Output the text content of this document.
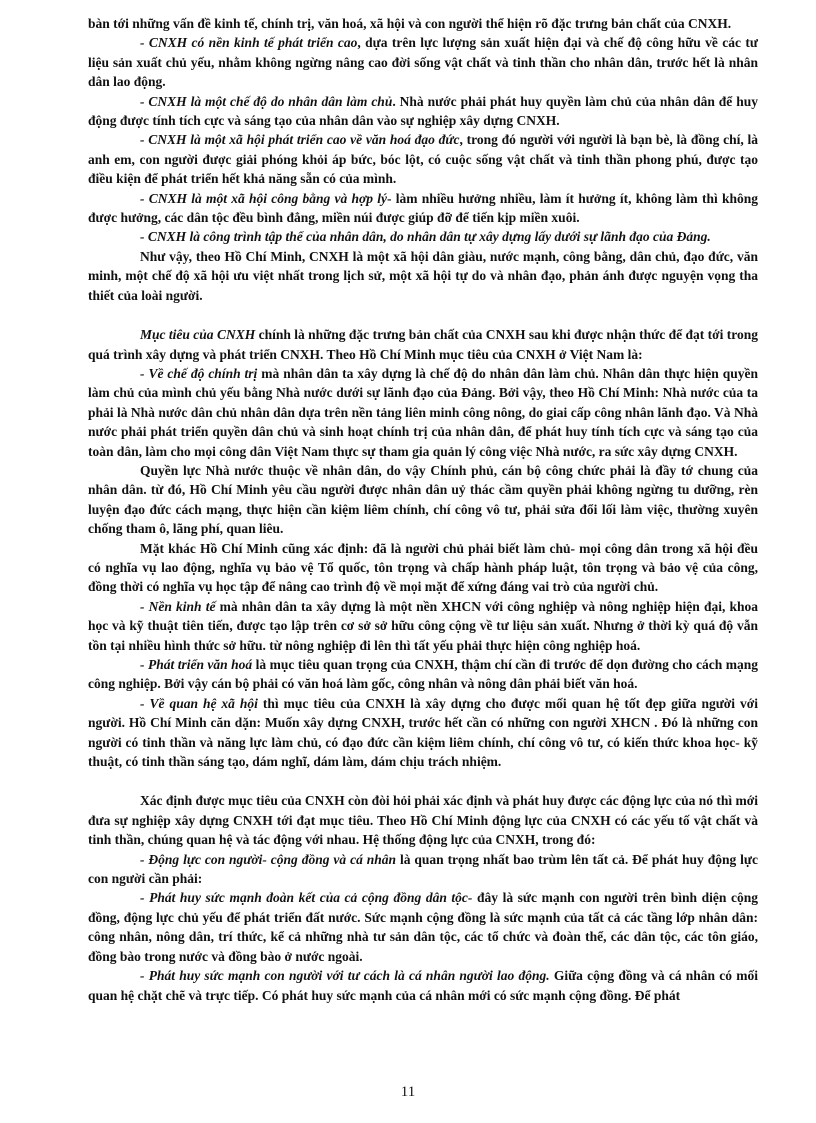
bàn tới những vấn đề kinh tế, chính trị, văn hoá, xã hội và con người thể hiện rõ đặc trưng bản chất của CNXH.

- CNXH có nền kinh tế phát triển cao, dựa trên lực lượng sản xuất hiện đại và chế độ công hữu về các tư liệu sản xuất chủ yếu, nhằm không ngừng nâng cao đời sống vật chất và tinh thần cho nhân dân, trước hết là nhân dân lao động.

- CNXH là một chế độ do nhân dân làm chủ. Nhà nước phải phát huy quyền làm chủ của nhân dân để huy động được tính tích cực và sáng tạo của nhân dân vào sự nghiệp xây dựng CNXH.

- CNXH là một xã hội phát triển cao về văn hoá đạo đức, trong đó người với người là bạn bè, là đồng chí, là anh em, con người được giải phóng khỏi áp bức, bóc lột, có cuộc sống vật chất và tinh thần phong phú, được tạo điều kiện để phát triển hết khả năng sẵn có của mình.

- CNXH là một xã hội công bằng và hợp lý- làm nhiều hưởng nhiều, làm ít hưởng ít, không làm thì không được hưởng, các dân tộc đều bình đẳng, miền núi được giúp đỡ để tiến kịp miền xuôi.

- CNXH là công trình tập thể của nhân dân, do nhân dân tự xây dựng lấy dưới sự lãnh đạo của Đảng.

Như vậy, theo Hồ Chí Minh, CNXH là một xã hội dân giàu, nước mạnh, công bằng, dân chủ, đạo đức, văn minh, một chế độ xã hội ưu việt nhất trong lịch sử, một xã hội tự do và nhân đạo, phản ánh được nguyện vọng tha thiết của loài người.

Mục tiêu của CNXH chính là những đặc trưng bản chất của CNXH sau khi được nhận thức để đạt tới trong quá trình xây dựng và phát triển CNXH. Theo Hồ Chí Minh mục tiêu của CNXH ở Việt Nam là:

- Về chế độ chính trị mà nhân dân ta xây dựng là chế độ do nhân dân làm chủ. Nhân dân thực hiện quyền làm chủ của mình chủ yếu bằng Nhà nước dưới sự lãnh đạo của Đảng. Bởi vậy, theo Hồ Chí Minh: Nhà nước của ta phải là Nhà nước dân chủ nhân dân dựa trên nền tảng liên minh công nông, do giai cấp công nhân lãnh đạo. Và Nhà nước phải phát triển quyền dân chủ và sinh hoạt chính trị của nhân dân, để phát huy tính tích cực và sáng tạo của toàn dân, làm cho mọi công dân Việt Nam thực sự tham gia quản lý công việc Nhà nước, ra sức xây dựng CNXH.

Quyền lực Nhà nước thuộc về nhân dân, do vậy Chính phủ, cán bộ công chức phải là đầy tớ chung của nhân dân. từ đó, Hồ Chí Minh yêu cầu người được nhân dân uỷ thác cầm quyền phải không ngừng tu dưỡng, rèn luyện đạo đức cách mạng, thực hiện cần kiệm liêm chính, chí công vô tư, phải sửa đổi lối làm việc, thường xuyên chống tham ô, lãng phí, quan liêu.

Mặt khác Hồ Chí Minh cũng xác định: đã là người chủ phải biết làm chủ- mọi công dân trong xã hội đều có nghĩa vụ lao động, nghĩa vụ bảo vệ Tổ quốc, tôn trọng và chấp hành pháp luật, tôn trọng và bảo vệ của công, đồng thời có nghĩa vụ học tập để nâng cao trình độ về mọi mặt để xứng đáng vai trò của người chủ.

- Nền kinh tế mà nhân dân ta xây dựng là một nền XHCN với công nghiệp và nông nghiệp hiện đại, khoa học và kỹ thuật tiên tiến, được tạo lập trên cơ sở sở hữu công cộng về tư liệu sản xuất. Nhưng ở thời kỳ quá độ vẫn tồn tại nhiều hình thức sở hữu. từ nông nghiệp đi lên thì tất yếu phải thực hiện công nghiệp hoá.

- Phát triển văn hoá là mục tiêu quan trọng của CNXH, thậm chí cần đi trước để dọn đường cho cách mạng công nghiệp. Bởi vậy cán bộ phải có văn hoá làm gốc, công nhân và nông dân phải biết văn hoá.

- Về quan hệ xã hội thì mục tiêu của CNXH là xây dựng cho được mối quan hệ tốt đẹp giữa người với người. Hồ Chí Minh căn dặn: Muốn xây dựng CNXH, trước hết cần có những con người XHCN . Đó là những con người có tinh thần và năng lực làm chủ, có đạo đức cần kiệm liêm chính, chí công vô tư, có kiến thức khoa học- kỹ thuật, có tinh thần sáng tạo, dám nghĩ, dám làm, dám chịu trách nhiệm.

Xác định được mục tiêu của CNXH còn đòi hỏi phải xác định và phát huy được các động lực của nó thì mới đưa sự nghiệp xây dựng CNXH tới đạt mục tiêu. Theo Hồ Chí Minh động lực của CNXH có các yếu tố vật chất và tinh thần, chúng quan hệ và tác động với nhau. Hệ thống động lực của CNXH, trong đó:

- Động lực con người- cộng đồng và cá nhân là quan trọng nhất bao trùm lên tất cả. Để phát huy động lực con người cần phải:

- Phát huy sức mạnh đoàn kết của cả cộng đồng dân tộc- đây là sức mạnh con người trên bình diện cộng đồng, động lực chủ yếu để phát triển đất nước. Sức mạnh cộng đồng là sức mạnh của tất cả các tầng lớp nhân dân: công nhân, nông dân, trí thức, kể cả những nhà tư sản dân tộc, các tổ chức và đoàn thể, các dân tộc, các tôn giáo, đồng bào trong nước và đồng bào ở nước ngoài.

- Phát huy sức mạnh con người với tư cách là cá nhân người lao động. Giữa cộng đồng và cá nhân có mối quan hệ chặt chẽ và trực tiếp. Có phát huy sức mạnh của cá nhân mới có sức mạnh cộng đồng. Để phát

11
